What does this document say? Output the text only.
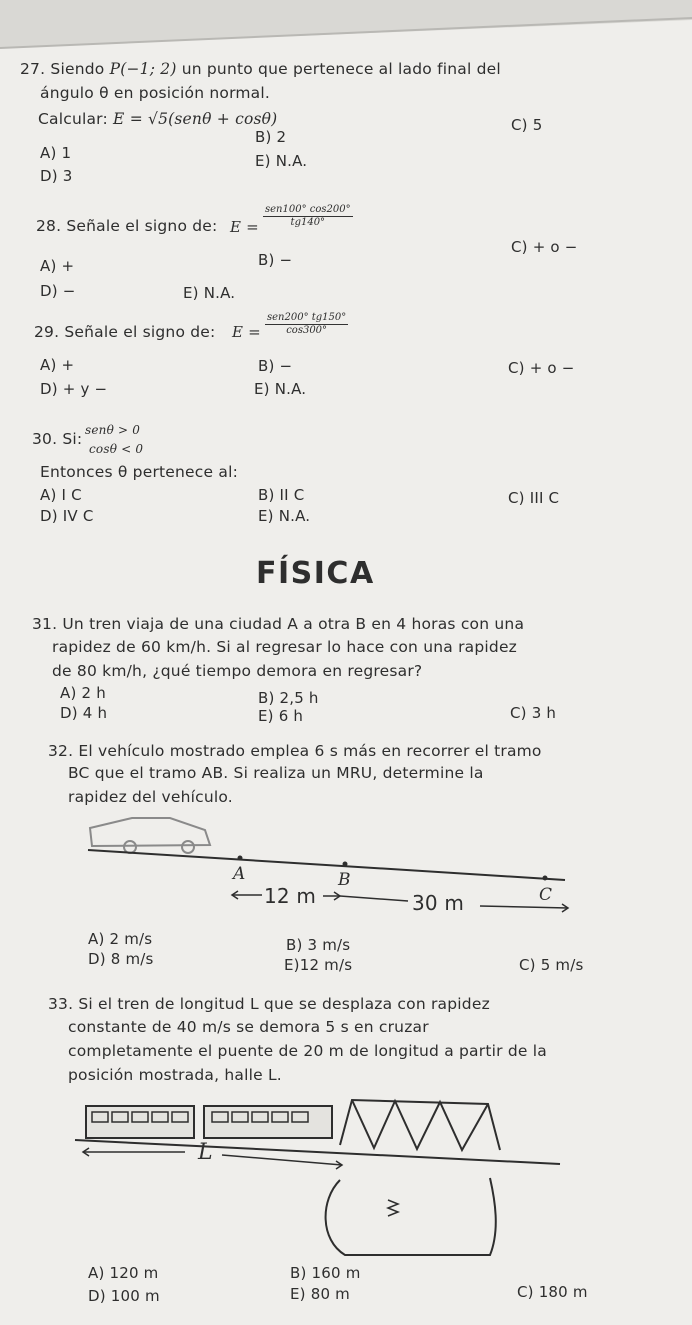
27. Siendo P(−1; 2) un punto que pertenece al lado final del
ángulo θ en posición normal.
Calcular: E = √5(senθ + cosθ)
A) 1
B) 2
C) 5
D) 3
E) N.A.
28. Señale el signo de: E =
sen100° cos200°
tg140°
A) +	B) −
C) + o −
D) −	E) N.A.
29. Señale el signo de: E =
sen200° tg150°
cos300°
A) +	B) −	C) + o −
D) + y −	E) N.A.
30. Si: senθ > 0
cosθ < 0
Entonces θ pertenece al:
A) I C	B) II C	C) III C
D) IV C	E) N.A.
FÍSICA
31. Un tren viaja de una ciudad A a otra B en 4 horas con una
rapidez de 60 km/h. Si al regresar lo hace con una rapidez
de 80 km/h, ¿qué tiempo demora en regresar?
A) 2 h	B) 2,5 h
C) 3 h
D) 4 h	E) 6 h
32. El vehículo mostrado emplea 6 s más en recorrer el tramo
BC que el tramo AB. Si realiza un MRU, determine la
rapidez del vehículo.
A	B
C
12 m	30 m
A) 2 m/s	B) 3 m/s
C) 5 m/s
D) 8 m/s	E)12 m/s
33. Si el tren de longitud L que se desplaza con rapidez
constante de 40 m/s se demora 5 s en cruzar
completamente el puente de 20 m de longitud a partir de la
posición mostrada, halle L.
L
A) 120 m	B) 160 m
C) 180 m
D) 100 m	E) 80 m
